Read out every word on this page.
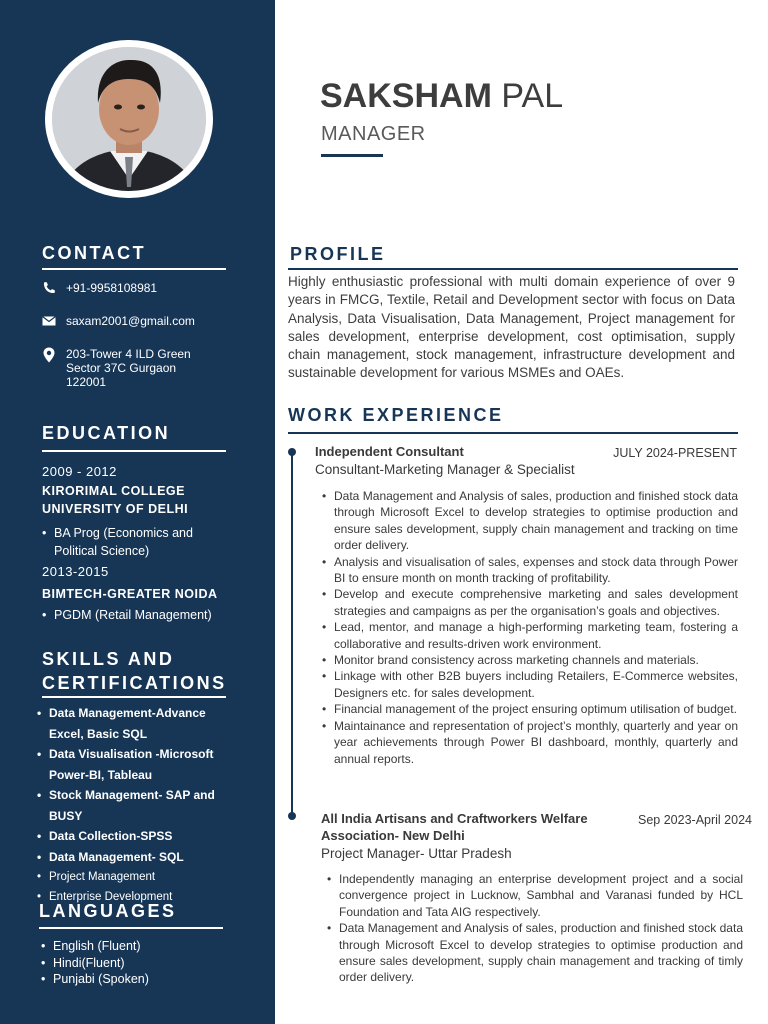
CONTACT
+91-9958108981
saxam2001@gmail.com
203-Tower 4 ILD Green
Sector 37C Gurgaon
122001
EDUCATION
2009 - 2012
KIRORIMAL COLLEGE
UNIVERSITY OF DELHI
• BA Prog (Economics and
Political Science)
2013-2015
BIMTECH-GREATER NOIDA
• PGDM (Retail Management)
SKILLS AND
CERTIFICATIONS
• Data Management-Advance
Excel, Basic SQL
• Data Visualisation -Microsoft
Power-BI, Tableau
• Stock Management- SAP and
BUSY
• Data Collection-SPSS
• Data Management- SQL
• Project Management
• Enterprise Development
LANGUAGES
• English (Fluent)
• Hindi(Fluent)
• Punjabi (Spoken)
SAKSHAM PAL
MANAGER
PROFILE
Highly enthusiastic professional with multi domain experience of over 9 years in FMCG, Textile, Retail and Development sector with focus on Data Analysis, Data Visualisation, Data Management, Project management for sales development, enterprise development, cost optimisation, supply chain management, stock management, infrastructure development and sustainable development for various MSMEs and OAEs.
WORK EXPERIENCE
Independent Consultant	JULY 2024-PRESENT
Consultant-Marketing Manager & Specialist
• Data Management and Analysis of sales, production and finished stock data through Microsoft Excel to develop strategies to optimise production and ensure sales development, supply chain management and tracking on time order delivery.
• Analysis and visualisation of sales, expenses and stock data through Power BI to ensure month on month tracking of profitability.
• Develop and execute comprehensive marketing and sales development strategies and campaigns as per the organisation’s goals and objectives.
• Lead, mentor, and manage a high-performing marketing team, fostering a collaborative and results-driven work environment.
• Monitor brand consistency across marketing channels and materials.
• Linkage with other B2B buyers including Retailers, E-Commerce websites, Designers etc. for sales development.
• Financial management of the project ensuring optimum utilisation of budget.
• Maintainance and representation of project’s monthly, quarterly and year on year achievements through Power BI dashboard, monthly, quarterly and annual reports.
All India Artisans and Craftworkers Welfare
Association- New Delhi
Sep 2023-April 2024
Project Manager- Uttar Pradesh
• Independently managing an enterprise development project and a social convergence project in Lucknow, Sambhal and Varanasi funded by HCL Foundation and Tata AIG respectively.
• Data Management and Analysis of sales, production and finished stock data through Microsoft Excel to develop strategies to optimise production and ensure sales development, supply chain management and tracking of timly order delivery.
